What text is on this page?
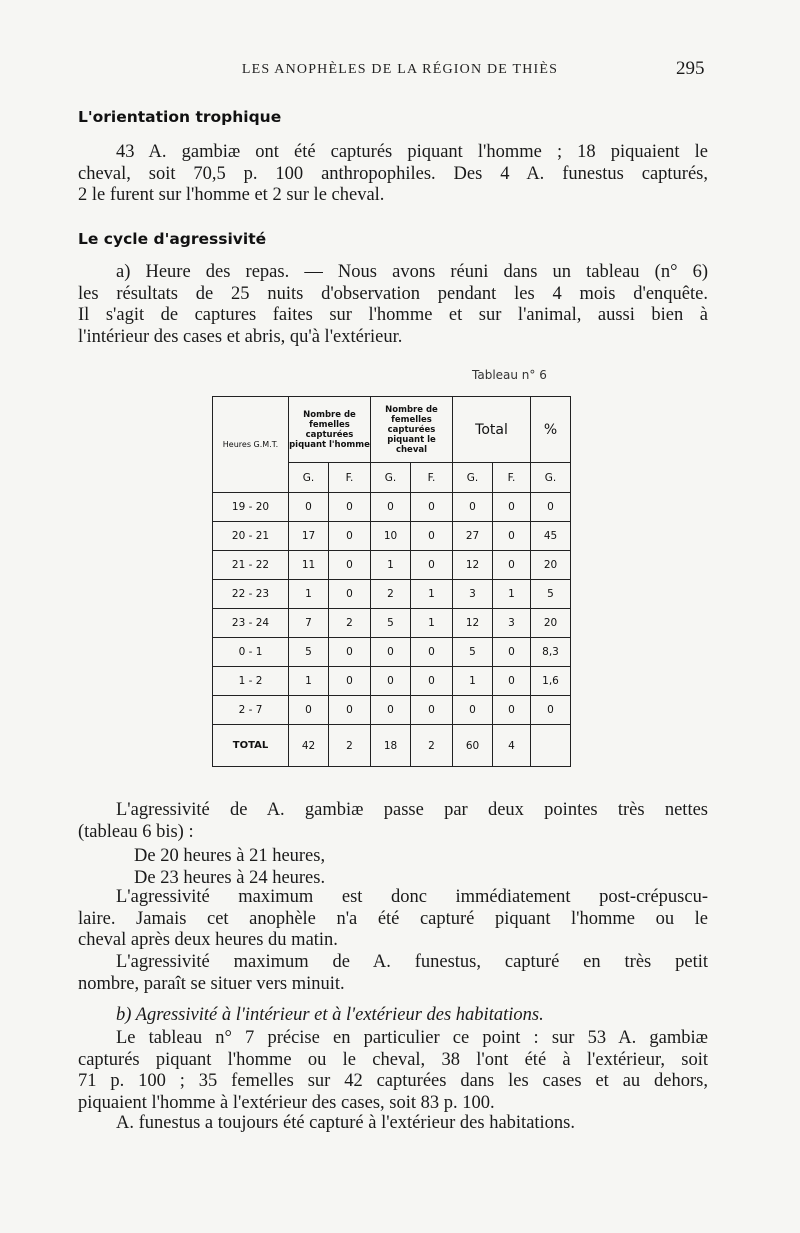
LES ANOPHÈLES DE LA RÉGION DE THIÈS	295
L'orientation trophique
43 A. gambiæ ont été capturés piquant l'homme ; 18 piquaient le
cheval, soit 70,5 p. 100 anthropophiles. Des 4 A. funestus capturés,
2 le furent sur l'homme et 2 sur le cheval.
Le cycle d'agressivité
a) Heure des repas. — Nous avons réuni dans un tableau (n° 6)
les résultats de 25 nuits d'observation pendant les 4 mois d'enquête.
Il s'agit de captures faites sur l'homme et sur l'animal, aussi bien à
l'intérieur des cases et abris, qu'à l'extérieur.
Tableau n° 6
Heures G.M.T.	Nombre de femelles capturées piquant l'homme		Nombre de femelles capturées piquant le cheval		Total		%
	G.	F.	G.	F.	G.	F.	G.
19 - 20	0	0	0	0	0	0	0
20 - 21	17	0	10	0	27	0	45
21 - 22	11	0	1	0	12	0	20
22 - 23	1	0	2	1	3	1	5
23 - 24	7	2	5	1	12	3	20
0 - 1	5	0	0	0	5	0	8,3
1 - 2	1	0	0	0	1	0	1,6
2 - 7	0	0	0	0	0	0	0
TOTAL	42	2	18	2	60	4	
L'agressivité de A. gambiæ passe par deux pointes très nettes
(tableau 6 bis) :
De 20 heures à 21 heures,
De 23 heures à 24 heures.
L'agressivité maximum est donc immédiatement post-crépuscu-
laire. Jamais cet anophèle n'a été capturé piquant l'homme ou le
cheval après deux heures du matin.
L'agressivité maximum de A. funestus, capturé en très petit
nombre, paraît se situer vers minuit.
b) Agressivité à l'intérieur et à l'extérieur des habitations.
Le tableau n° 7 précise en particulier ce point : sur 53 A. gambiæ
capturés piquant l'homme ou le cheval, 38 l'ont été à l'extérieur, soit
71 p. 100 ; 35 femelles sur 42 capturées dans les cases et au dehors,
piquaient l'homme à l'extérieur des cases, soit 83 p. 100.
A. funestus a toujours été capturé à l'extérieur des habitations.
